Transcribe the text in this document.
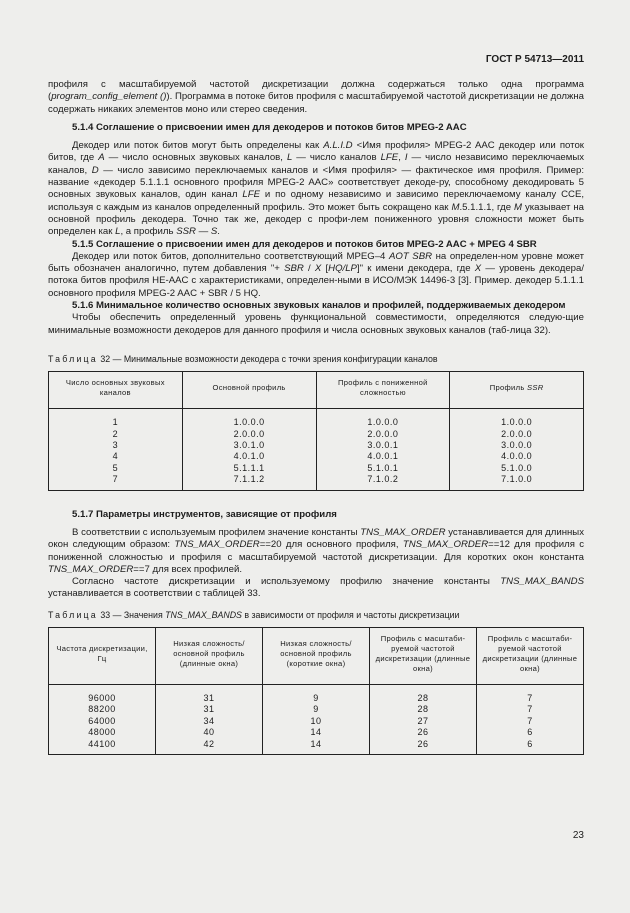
ГОСТ Р 54713—2011

профиля с масштабируемой частотой дискретизации должна содержаться только одна программа (program_config_element ()). Программа в потоке битов профиля с масштабируемой частотой дискретизации не должна содержать никаких элементов моно или стерео сведения.

5.1.4 Соглашение о присвоении имен для декодеров и потоков битов MPEG-2 AAC

Декодер или поток битов могут быть определены как A.L.I.D <Имя профиля> MPEG-2 AAC декодер или поток битов, где A — число основных звуковых каналов, L — число каналов LFE, I — число независимо переключаемых каналов, D — число зависимо переключаемых каналов и <Имя профиля> — фактическое имя профиля. Пример: название «декодер 5.1.1.1 основного профиля MPEG-2 AAC» соответствует декоде-ру, способному декодировать 5 основных звуковых каналов, один канал LFE и по одному независимо и зависимо переключаемому каналу CCE, используя с каждым из каналов определенный профиль. Это может быть сокращено как M.5.1.1.1, где M указывает на основной профиль декодера. Точно так же, декодер с профи-лем пониженного уровня сложности может быть определен как L, а профиль SSR — S.

5.1.5 Соглашение о присвоении имен для декодеров и потоков битов MPEG-2 AAC + MPEG 4 SBR

Декодер или поток битов, дополнительно соответствующий MPEG–4 AOT SBR на определен-ном уровне может быть обозначен аналогично, путем добавления "+ SBR / X [HQ/LP]" к имени декодера, где X — уровень декодера/потока битов профиля HE-AAC с характеристиками, определен-ными в ИСО/МЭК 14496-3 [3]. Пример. декодер 5.1.1.1 основного профиля MPEG-2 AAC + SBR / 5 HQ.

5.1.6 Минимальное количество основных звуковых каналов и профилей, поддерживаемых декодером

Чтобы обеспечить определенный уровень функциональной совместимости, определяются следую-щие минимальные возможности декодеров для данного профиля и числа основных звуковых каналов (таб-лица 32).

Таблица 32 — Минимальные возможности декодера с точки зрения конфигурации каналов
Число основных звуковых каналов	Основной профиль	Профиль с пониженной сложностью	Профиль SSR
1	1.0.0.0	1.0.0.0	1.0.0.0
2	2.0.0.0	2.0.0.0	2.0.0.0
3	3.0.1.0	3.0.0.1	3.0.0.0
4	4.0.1.0	4.0.0.1	4.0.0.0
5	5.1.1.1	5.1.0.1	5.1.0.0
7	7.1.1.2	7.1.0.2	7.1.0.0

5.1.7 Параметры инструментов, зависящие от профиля

В соответствии с используемым профилем значение константы TNS_MAX_ORDER устанавливается для длинных окон следующим образом: TNS_MAX_ORDER==20 для основного профиля, TNS_MAX_ORDER==12 для профиля с пониженной сложностью и профиля с масштабируемой частотой дискретизации. Для коротких окон константа TNS_MAX_ORDER==7 для всех профилей.

Согласно частоте дискретизации и используемому профилю значение константы TNS_MAX_BANDS устанавливается в соответствии с таблицей 33.

Таблица 33 — Значения TNS_MAX_BANDS в зависимости от профиля и частоты дискретизации
Частота дискретизации, Гц	Низкая сложность/основной профиль (длинные окна)	Низкая сложность/основной профиль (короткие окна)	Профиль с масштаби-руемой частотой дискретизации (длинные окна)	Профиль с масштаби-руемой частотой дискретизации (длинные окна)
96000	31	9	28	7
88200	31	9	28	7
64000	34	10	27	7
48000	40	14	26	6
44100	42	14	26	6
23
